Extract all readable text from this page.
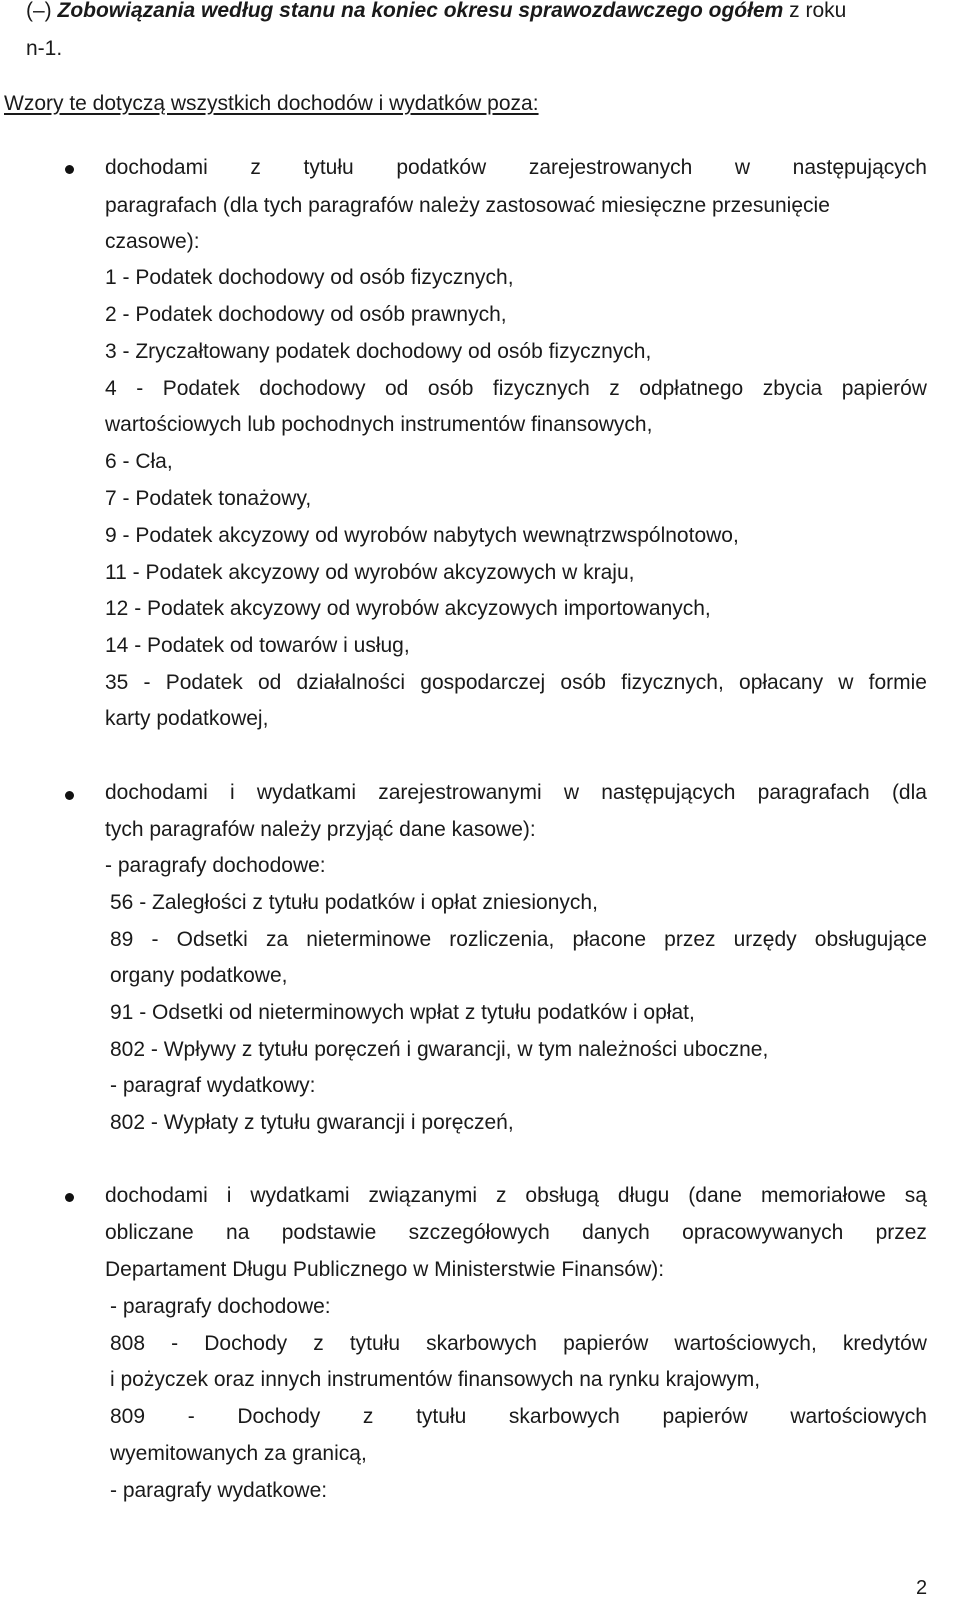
(–) Zobowiązania według stanu na koniec okresu sprawozdawczego ogółem z roku
n-1.
Wzory te dotyczą wszystkich dochodów i wydatków poza:
dochodami z tytułu podatków zarejestrowanych w następujących
paragrafach (dla tych paragrafów należy zastosować miesięczne przesunięcie
czasowe):
1 - Podatek dochodowy od osób fizycznych,
2 - Podatek dochodowy od osób prawnych,
3 - Zryczałtowany podatek dochodowy od osób fizycznych,
4 - Podatek dochodowy od osób fizycznych z odpłatnego zbycia papierów
wartościowych lub pochodnych instrumentów finansowych,
6 - Cła,
7 - Podatek tonażowy,
9 - Podatek akcyzowy od wyrobów nabytych wewnątrzwspólnotowo,
11 - Podatek akcyzowy od wyrobów akcyzowych w kraju,
12 - Podatek akcyzowy od wyrobów akcyzowych importowanych,
14 - Podatek od towarów i usług,
35 - Podatek od działalności gospodarczej osób fizycznych, opłacany w formie
karty podatkowej,
dochodami i wydatkami zarejestrowanymi w następujących paragrafach (dla
tych paragrafów należy przyjąć dane kasowe):
- paragrafy dochodowe:
56 - Zaległości z tytułu podatków i opłat zniesionych,
89 - Odsetki za nieterminowe rozliczenia, płacone przez urzędy obsługujące
organy podatkowe,
91 - Odsetki od nieterminowych wpłat z tytułu podatków i opłat,
802 - Wpływy z tytułu poręczeń i gwarancji, w tym należności uboczne,
- paragraf wydatkowy:
802 - Wypłaty z tytułu gwarancji i poręczeń,
dochodami i wydatkami związanymi z obsługą długu (dane memoriałowe są
obliczane na podstawie szczegółowych danych opracowywanych przez
Departament Długu Publicznego w Ministerstwie Finansów):
- paragrafy dochodowe:
808 - Dochody z tytułu skarbowych papierów wartościowych, kredytów
i pożyczek oraz innych instrumentów finansowych na rynku krajowym,
809 - Dochody z tytułu skarbowych papierów wartościowych
wyemitowanych za granicą,
- paragrafy wydatkowe:
2
